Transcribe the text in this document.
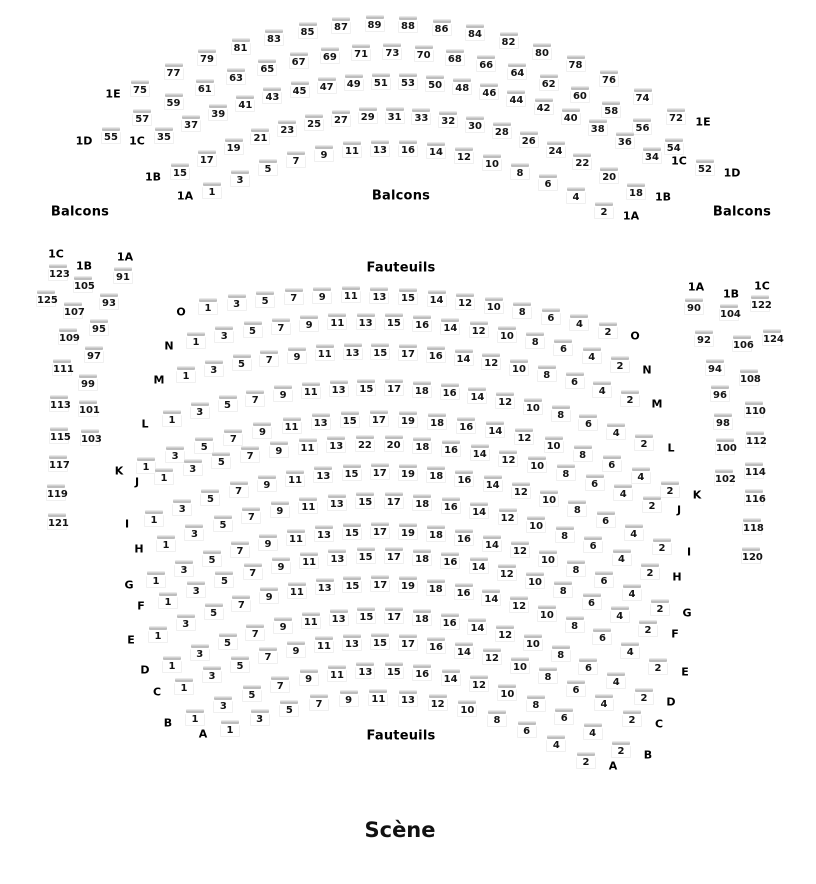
Balcons
Balcons
Balcons
Fauteuils
Fauteuils
Scène
75
77
79
81
83
85	87	89	88	86	84
82
80
78
76
74
72
1E
1E
55
57
59
61
63
65
67	69	71	73	70	68
66
64
62
60
58
56
54
52
1D
1D
35
37
39
41
43
45	47	49	51	53	50	48	46
44
42
40
38
36
34
1C
1C
15
17
19
21
23
25	27	29	31	33	32	30
28
26
24
22
20
18
1B
1B
1
3
5
7
9	11	13	16	14	12
10
8
6
4
2
1A
1A
1	3	5	7	9	11	13	15	14	12	10	8
6
4
2
O
O
1
3	5	7	9	11	13	15	16	14	12	10
8
6
4
2
N
N
1
3	5	7	9	11	13	15	17	16	14	12	10
8
6
4
2
M
M
1
3
5
7	9	11	13	15	17	18	16	14	12
10
8
6
4
2
L
L
1
3
5
7
9	11	13	15	17	19	18	16	14
12
10
8
6
4
2
K
K
1
3
5
7	9	11	13	22	20	18	16	14	12
10
8
6
4
2
J
J
1
3
5
7
9	11	13	15	17	19	18	16	14
12
10
8
6
4
2
I
I
1
3
5
7
9	11	13	15	17	18	16	14
12
10
8
6
4
2
H
H
1
3
5
7
9	11	13	15	17	19	18	16	14
12
10
8
6
4
2
G
G
1
3
5
7
9	11	13	15	17	18	16	14
12
10
8
6
4
2
F
F
1
3
5
7
9
11	13	15	17	19	18	16
14
12
10
8
6
4
2
E
E
1
3
5
7
9	11	13	15	17	18	16	14
12
10
8
6
4
2
D
D
1
3
5
7
9	11	13	15	17	16	14
12
10
8
6
4
2
C
C
1
3
5
7
9	11	13	15	16	14
12
10
8
6
4
2
B
B
1
3
5
7	9	11	13	12
10
8
6
4
2
A
A
123
125
1C
105
107
109
111
113
115
117
119
121
1B
91
93
95
97
99
101
103
1A
90
92
94
96
98
100
102
1A
104
106
108
110
112
114
116
118
120
1B
122
124
1C
